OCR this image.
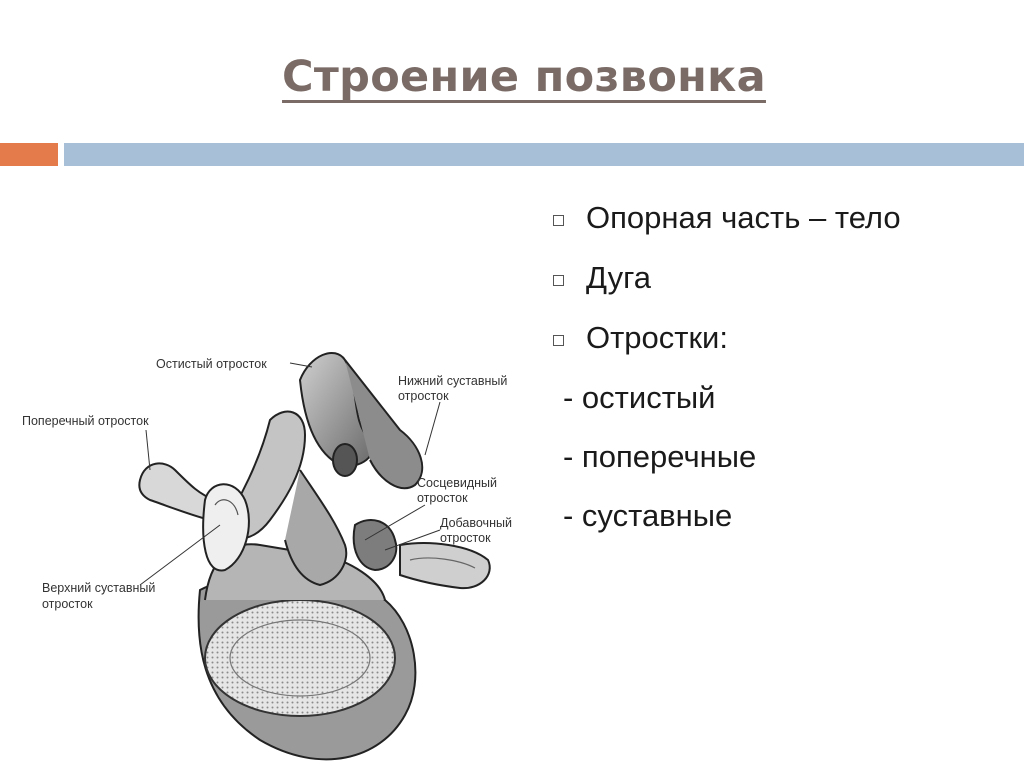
Строение позвонка
Опорная часть – тело
Дуга
Отростки:
- остистый
- поперечные
- суставные
Остистый отросток
Поперечный отросток
Нижний суставный
отросток
Сосцевидный
отросток
Добавочный
отросток
Верхний суставный
отросток
